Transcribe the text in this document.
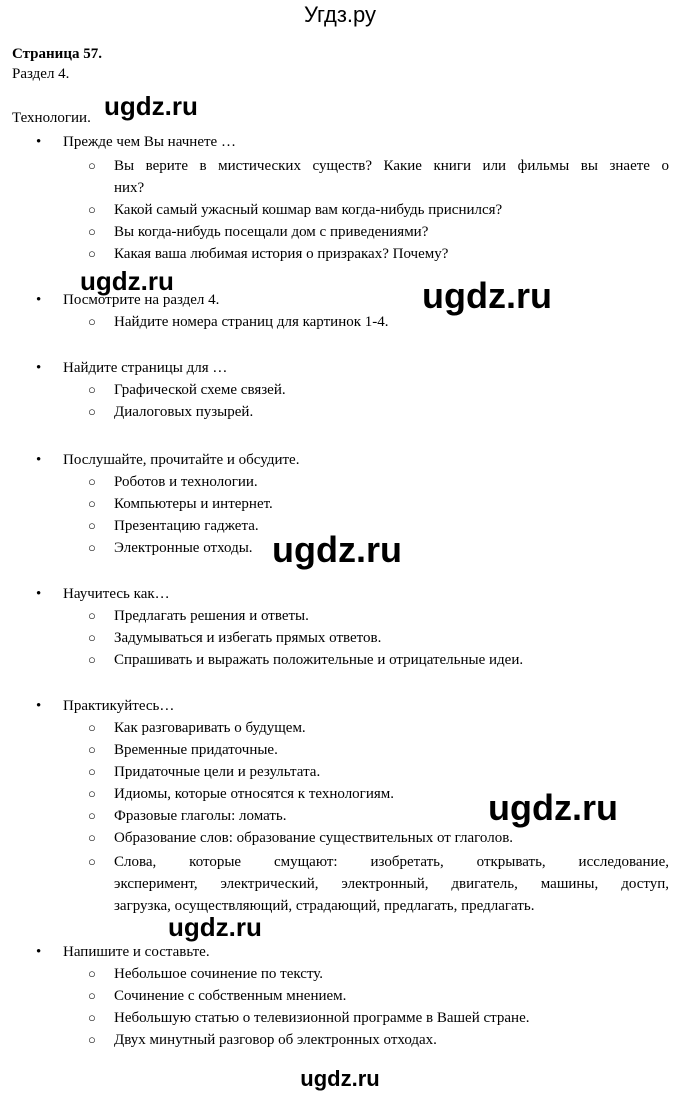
Угдз.ру
Страница 57.
Раздел 4.
Технологии.
• Прежде чем Вы начнете …
○ Вы верите в мистических существ? Какие книги или фильмы вы знаете о
них?
○ Какой самый ужасный кошмар вам когда-нибудь приснился?
○ Вы когда-нибудь посещали дом с приведениями?
○ Какая ваша любимая история о призраках? Почему?
• Посмотрите на раздел 4.
○ Найдите номера страниц для картинок 1-4.
• Найдите страницы для …
○ Графической схеме связей.
○ Диалоговых пузырей.
• Послушайте, прочитайте и обсудите.
○ Роботов и технологии.
○ Компьютеры и интернет.
○ Презентацию гаджета.
○ Электронные отходы.
• Научитесь как…
○ Предлагать решения и ответы.
○ Задумываться и избегать прямых ответов.
○ Спрашивать и выражать положительные и отрицательные идеи.
• Практикуйтесь…
○ Как разговаривать о будущем.
○ Временные придаточные.
○ Придаточные цели и результата.
○ Идиомы, которые относятся к технологиям.
○ Фразовые глаголы: ломать.
○ Образование слов: образование существительных от глаголов.
○ Слова, которые смущают: изобретать, открывать, исследование,
эксперимент, электрический, электронный, двигатель, машины, доступ,
загрузка, осуществляющий, страдающий, предлагать, предлагать.
• Напишите и составьте.
○ Небольшое сочинение по тексту.
○ Сочинение с собственным мнением.
○ Небольшую статью о телевизионной программе в Вашей стране.
○ Двух минутный разговор об электронных отходах.
ugdz.ru
ugdz.ru	ugdz.ru
ugdz.ru
ugdz.ru
ugdz.ru
ugdz.ru
